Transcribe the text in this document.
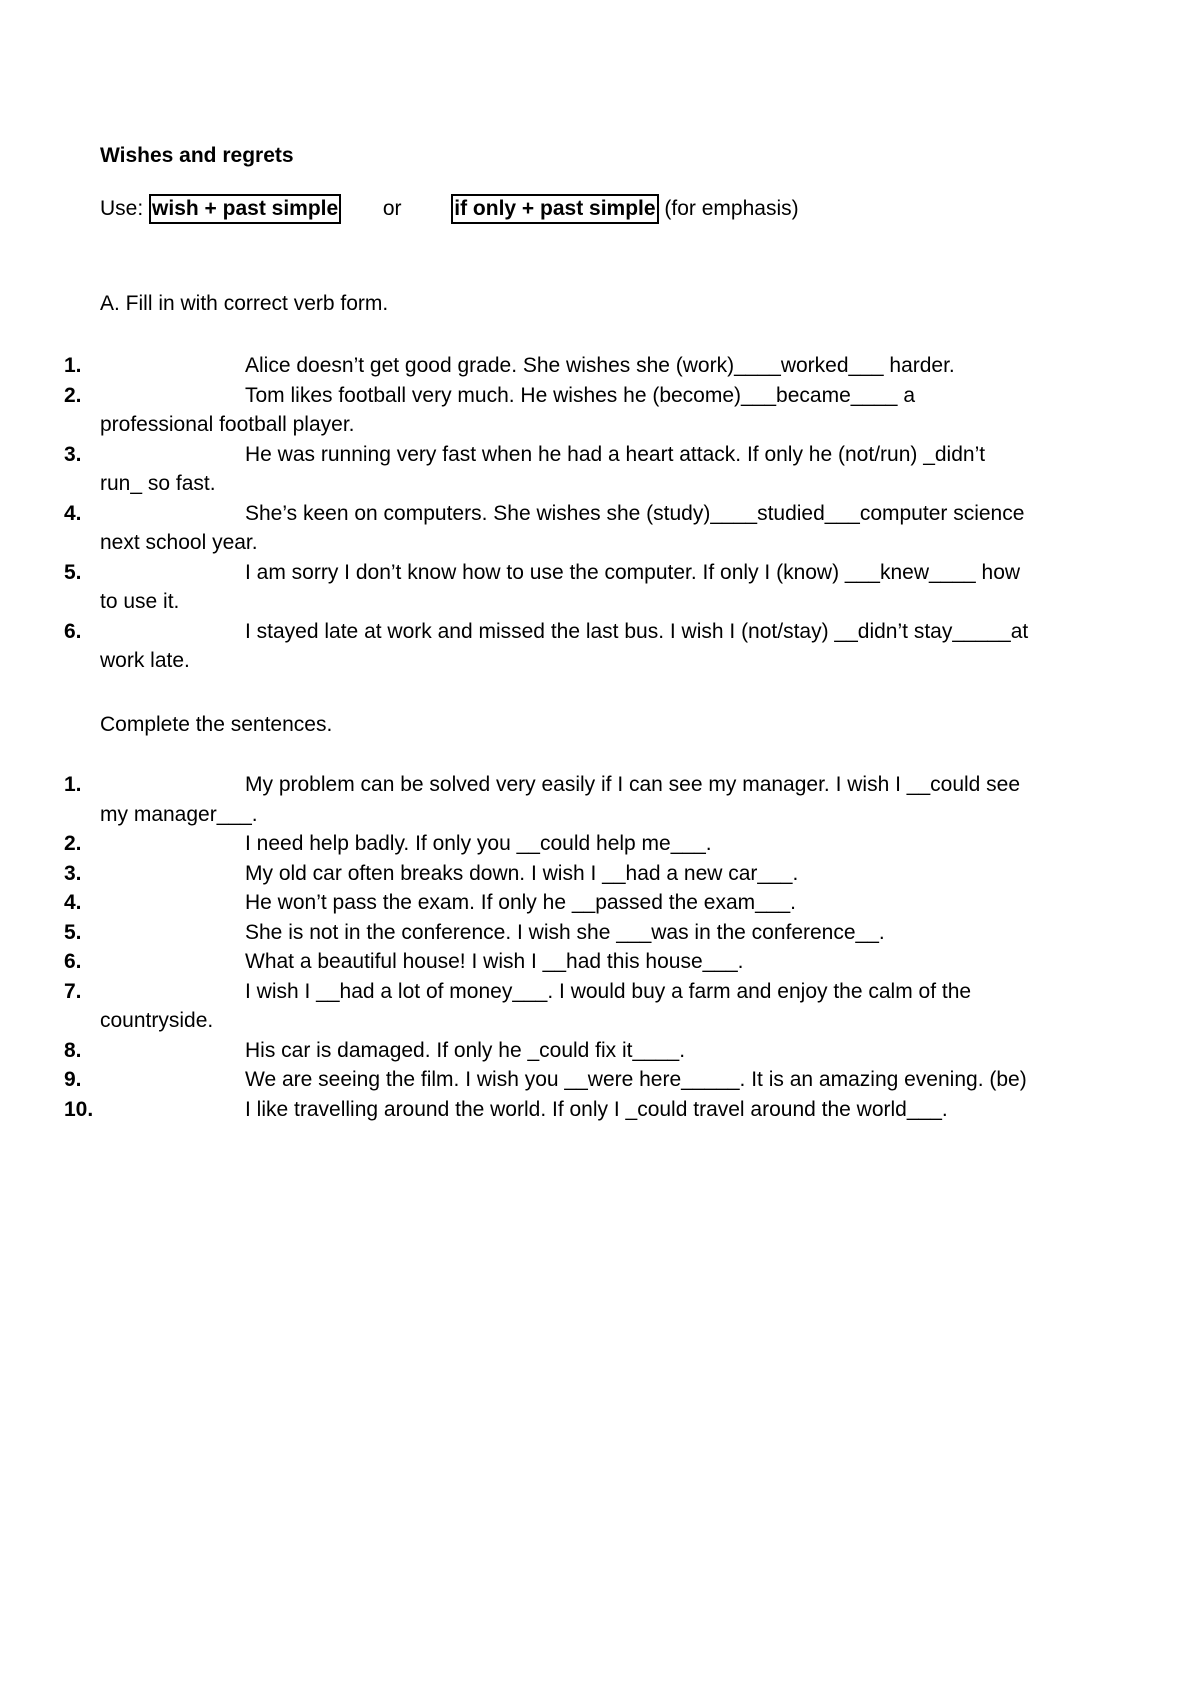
Wishes and regrets
Use: wish + past simple or	if only + past simple (for emphasis)
A. Fill in with correct verb form.
1.	Alice doesn’t get good grade. She wishes she (work)____worked___ harder.

2.	Tom likes football very much. He wishes he (become)___became____ a professional football player.

3.	He was running very fast when he had a heart attack. If only he (not/run) _didn’t run_ so fast.

4.	She’s keen on computers. She wishes she (study)____studied___computer science next school year.

5.	I am sorry I don’t know how to use the computer. If only I (know) ___knew____ how to use it.

6.	I stayed late at work and missed the last bus. I wish I (not/stay) __didn’t stay_____at work late.

Complete the sentences.
1.	My problem can be solved very easily if I can see my manager. I wish I __could see my manager___.

2.	I need help badly. If only you __could help me___.

3.	My old car often breaks down. I wish I __had a new car___.

4.	He won’t pass the exam. If only he __passed the exam___.

5.	She is not in the conference. I wish she ___was in the conference__.

6.	What a beautiful house! I wish I __had this house___.

7.	I wish I __had a lot of money___. I would buy a farm and enjoy the calm of the countryside.

8.	His car is damaged. If only he _could fix it____.

9.	We are seeing the film. I wish you __were here_____. It is an amazing evening. (be)

10.	I like travelling around the world. If only I _could travel around the world___.
